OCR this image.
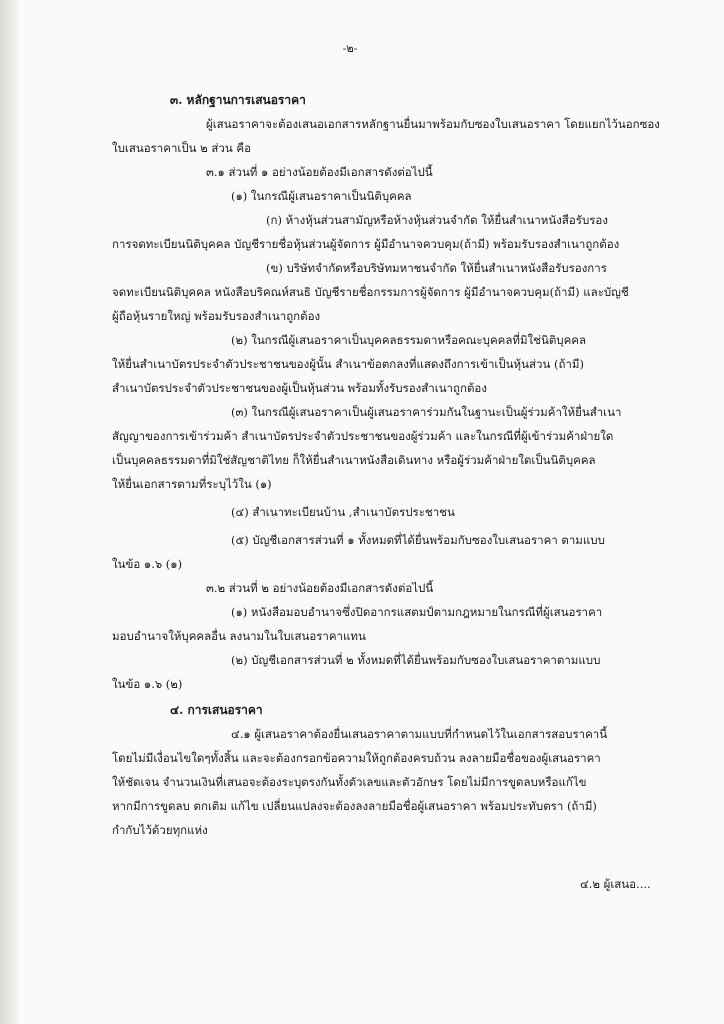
-๒-
๓. หลักฐานการเสนอราคา
ผู้เสนอราคาจะต้องเสนอเอกสารหลักฐานยื่นมาพร้อมกับซองใบเสนอราคา โดยแยกไว้นอกซอง
ใบเสนอราคาเป็น ๒ ส่วน คือ
๓.๑ ส่วนที่ ๑ อย่างน้อยต้องมีเอกสารดังต่อไปนี้
(๑) ในกรณีผู้เสนอราคาเป็นนิติบุคคล
(ก) ห้างหุ้นส่วนสามัญหรือห้างหุ้นส่วนจำกัด ให้ยื่นสำเนาหนังสือรับรอง
การจดทะเบียนนิติบุคคล บัญชีรายชื่อหุ้นส่วนผู้จัดการ ผู้มีอำนาจควบคุม(ถ้ามี) พร้อมรับรองสำเนาถูกต้อง
(ข) บริษัทจำกัดหรือบริษัทมหาชนจำกัด ให้ยื่นสำเนาหนังสือรับรองการ
จดทะเบียนนิติบุคคล หนังสือบริคณห์สนธิ บัญชีรายชื่อกรรมการผู้จัดการ ผู้มีอำนาจควบคุม(ถ้ามี) และบัญชี
ผู้ถือหุ้นรายใหญ่ พร้อมรับรองสำเนาถูกต้อง
(๒) ในกรณีผู้เสนอราคาเป็นบุคคลธรรมดาหรือคณะบุคคลที่มิใช่นิติบุคคล
ให้ยื่นสำเนาบัตรประจำตัวประชาชนของผู้นั้น สำเนาข้อตกลงที่แสดงถึงการเข้าเป็นหุ้นส่วน (ถ้ามี)
สำเนาบัตรประจำตัวประชาชนของผู้เป็นหุ้นส่วน พร้อมทั้งรับรองสำเนาถูกต้อง
(๓) ในกรณีผู้เสนอราคาเป็นผู้เสนอราคาร่วมกันในฐานะเป็นผู้ร่วมค้าให้ยื่นสำเนา
สัญญาของการเข้าร่วมค้า สำเนาบัตรประจำตัวประชาชนของผู้ร่วมค้า และในกรณีที่ผู้เข้าร่วมค้าฝ่ายใด
เป็นบุคคลธรรมดาที่มิใช่สัญชาติไทย ก็ให้ยื่นสำเนาหนังสือเดินทาง หรือผู้ร่วมค้าฝ่ายใดเป็นนิติบุคคล
ให้ยื่นเอกสารตามที่ระบุไว้ใน (๑)
(๔) สำเนาทะเบียนบ้าน ,สำเนาบัตรประชาชน
(๕) บัญชีเอกสารส่วนที่ ๑ ทั้งหมดที่ได้ยื่นพร้อมกับซองใบเสนอราคา ตามแบบ
ในข้อ ๑.๖ (๑)
๓.๒ ส่วนที่ ๒ อย่างน้อยต้องมีเอกสารดังต่อไปนี้
(๑) หนังสือมอบอำนาจซึ่งปิดอากรแสตมป์ตามกฎหมายในกรณีที่ผู้เสนอราคา
มอบอำนาจให้บุคคลอื่น ลงนามในใบเสนอราคาแทน
(๒) บัญชีเอกสารส่วนที่ ๒ ทั้งหมดที่ได้ยื่นพร้อมกับซองใบเสนอราคาตามแบบ
ในข้อ ๑.๖ (๒)
๔. การเสนอราคา
๔.๑ ผู้เสนอราคาต้องยื่นเสนอราคาตามแบบที่กำหนดไว้ในเอกสารสอบราคานี้
โดยไม่มีเงื่อนไขใดๆทั้งสิ้น และจะต้องกรอกข้อความให้ถูกต้องครบถ้วน ลงลายมือชื่อของผู้เสนอราคา
ให้ชัดเจน จำนวนเงินที่เสนอจะต้องระบุตรงกันทั้งตัวเลขและตัวอักษร โดยไม่มีการขูดลบหรือแก้ไข
หากมีการขูดลบ ตกเติม แก้ไข เปลี่ยนแปลงจะต้องลงลายมือชื่อผู้เสนอราคา พร้อมประทับตรา (ถ้ามี)
กำกับไว้ด้วยทุกแห่ง
๔.๒ ผู้เสนอ....
